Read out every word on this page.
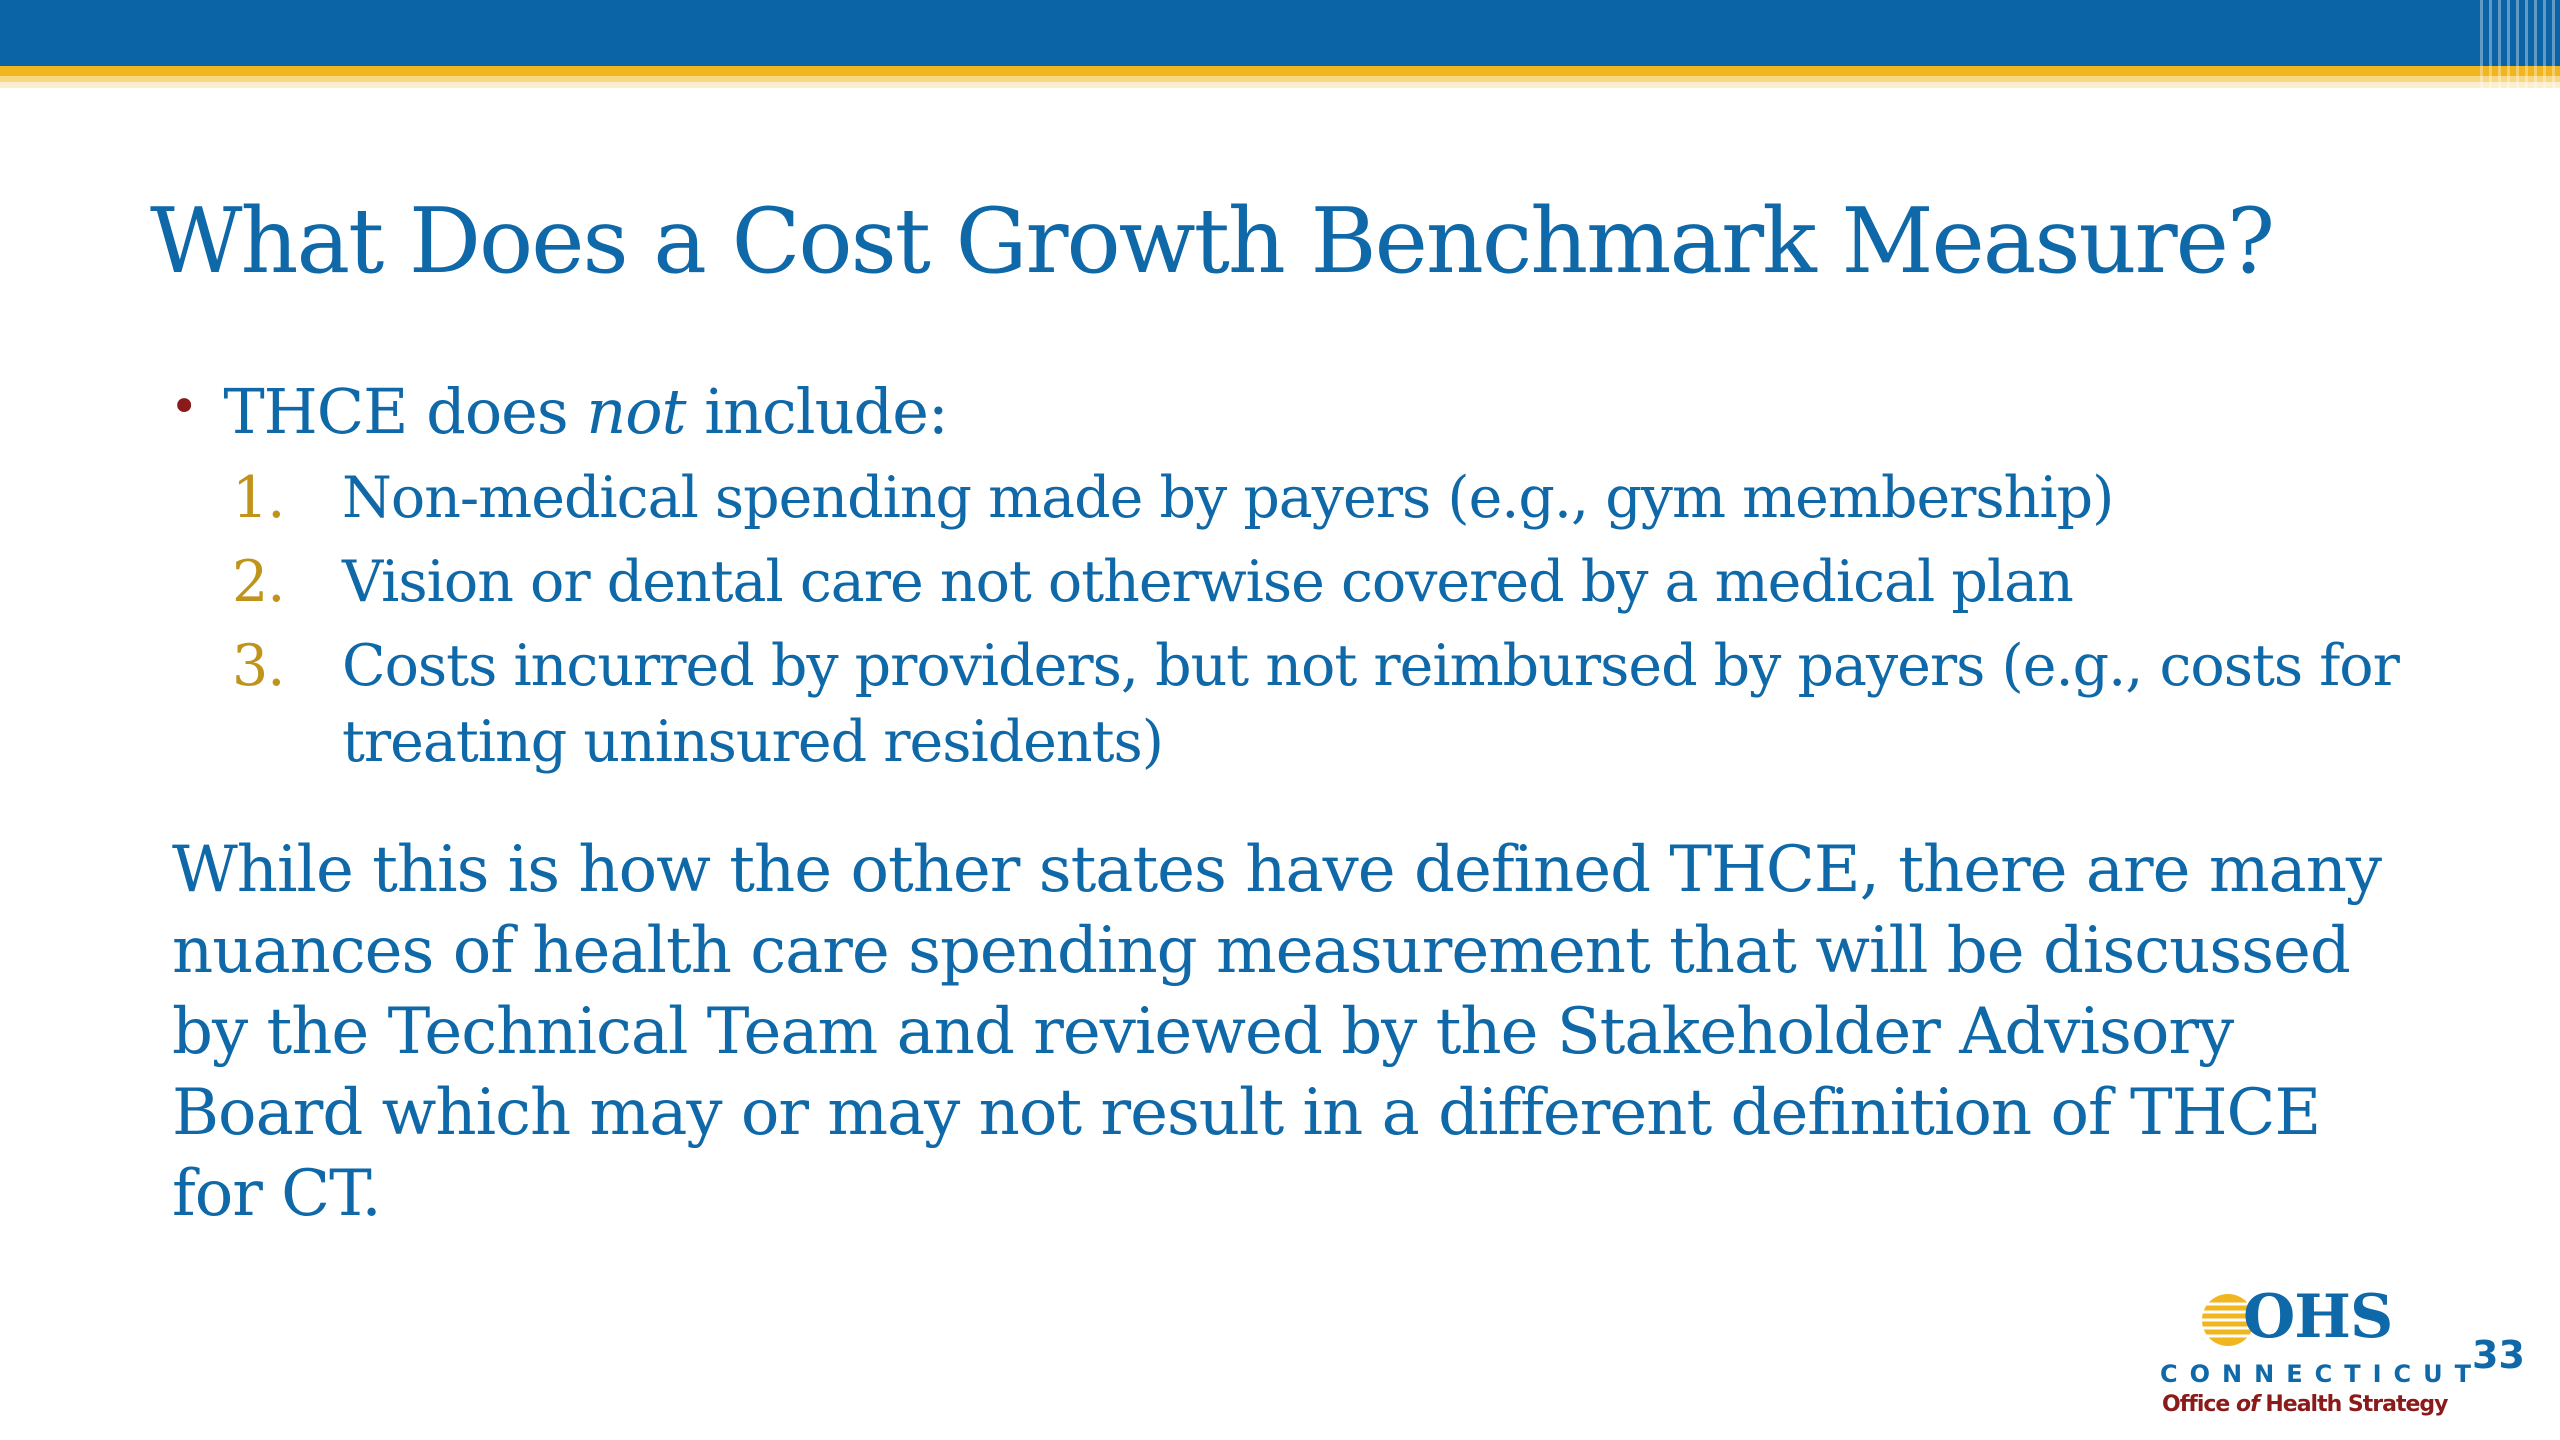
What Does a Cost Growth Benchmark Measure?
• THCE does not include:
1.	Non-medical spending made by payers (e.g., gym membership)
2.	Vision or dental care not otherwise covered by a medical plan
3.	Costs incurred by providers, but not reimbursed by payers (e.g., costs for treating uninsured residents)
While this is how the other states have defined THCE, there are many nuances of health care spending measurement that will be discussed by the Technical Team and reviewed by the Stakeholder Advisory Board which may or may not result in a different definition of THCE for CT.
OHS
CONNECTICUT
Office of Health Strategy
33
